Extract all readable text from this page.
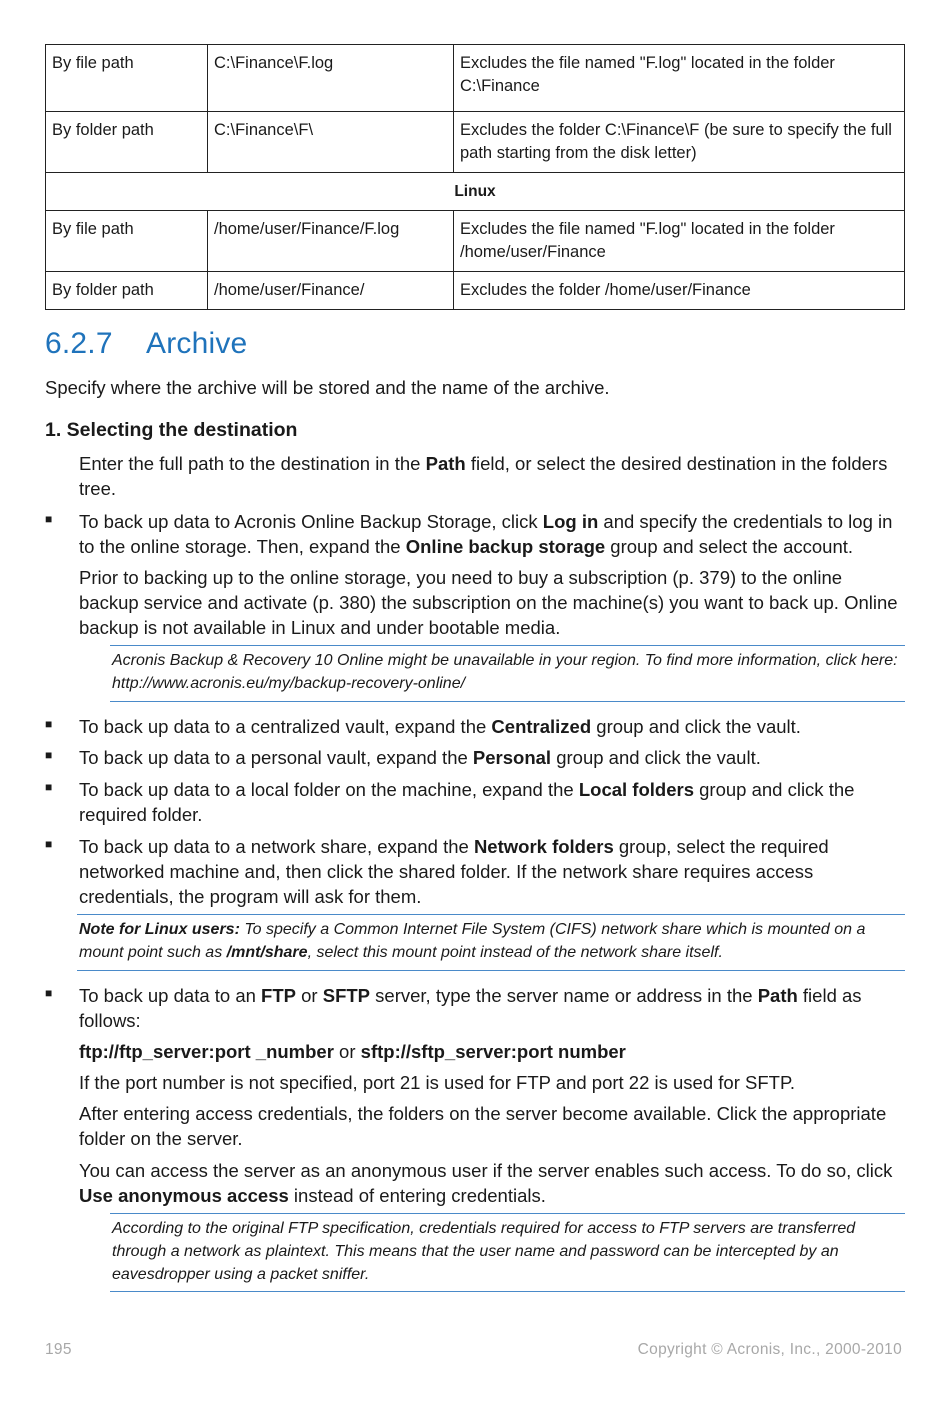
By file path	C:\Finance\F.log	Excludes the file named "F.log" located in the folder C:\Finance
By folder path	C:\Finance\F\	Excludes the folder C:\Finance\F (be sure to specify the full path starting from the disk letter)
Linux		
By file path	/home/user/Finance/F.log	Excludes the file named "F.log" located in the folder /home/user/Finance
By folder path	/home/user/Finance/	Excludes the folder /home/user/Finance
6.2.7 Archive

Specify where the archive will be stored and the name of the archive.

1. Selecting the destination

Enter the full path to the destination in the Path field, or select the desired destination in the folders tree.

■

To back up data to Acronis Online Backup Storage, click Log in and specify the credentials to log in to the online storage. Then, expand the Online backup storage group and select the account.

Prior to backing up to the online storage, you need to buy a subscription (p. 379) to the online backup service and activate (p. 380) the subscription on the machine(s) you want to back up. Online backup is not available in Linux and under bootable media.

Acronis Backup & Recovery 10 Online might be unavailable in your region. To find more information, click here: http://www.acronis.eu/my/backup-recovery-online/
■

To back up data to a centralized vault, expand the Centralized group and click the vault.

■

To back up data to a personal vault, expand the Personal group and click the vault.

■

To back up data to a local folder on the machine, expand the Local folders group and click the required folder.

■

To back up data to a network share, expand the Network folders group, select the required networked machine and, then click the shared folder. If the network share requires access credentials, the program will ask for them.

Note for Linux users: To specify a Common Internet File System (CIFS) network share which is mounted on a mount point such as /mnt/share, select this mount point instead of the network share itself.
■

To back up data to an FTP or SFTP server, type the server name or address in the Path field as follows:

ftp://ftp_server:port _number or sftp://sftp_server:port number

If the port number is not specified, port 21 is used for FTP and port 22 is used for SFTP.

After entering access credentials, the folders on the server become available. Click the appropriate folder on the server.

You can access the server as an anonymous user if the server enables such access. To do so, click Use anonymous access instead of entering credentials.

According to the original FTP specification, credentials required for access to FTP servers are transferred through a network as plaintext. This means that the user name and password can be intercepted by an eavesdropper using a packet sniffer.
195	Copyright © Acronis, Inc., 2000-2010
